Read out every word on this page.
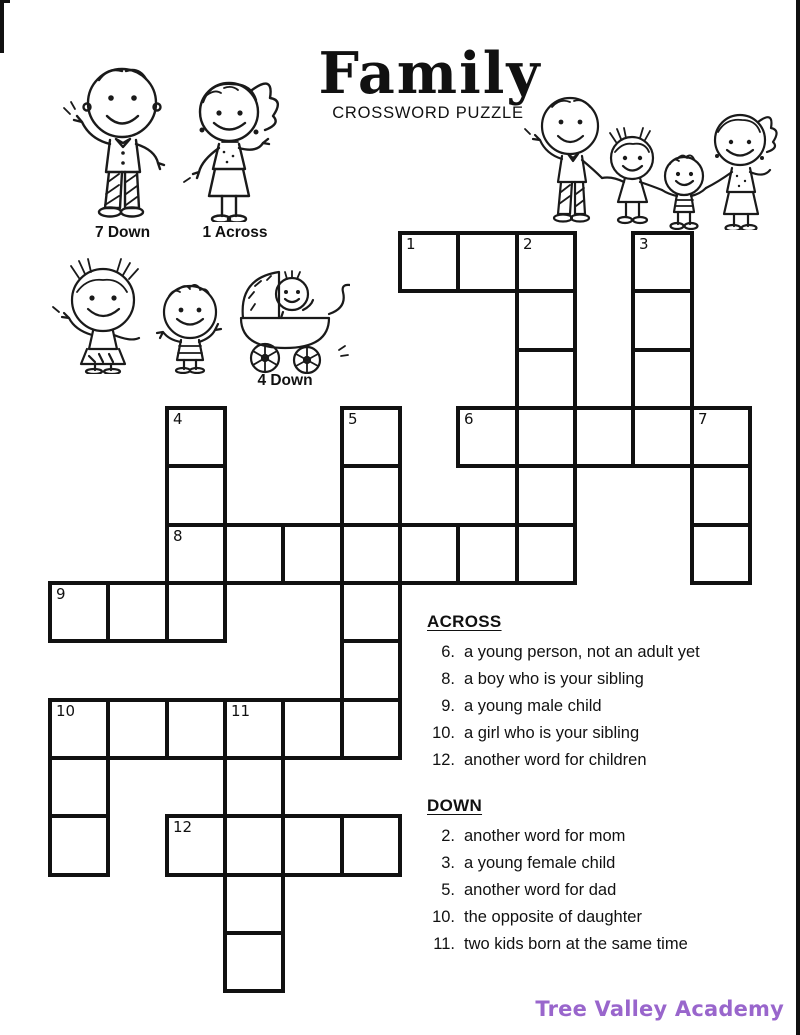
Family
CROSSWORD PUZZLE
7 Down	1 Across
4 Down
1	2	3
4	5	6	7
8
9
10	11
12
ACROSS
6. a young person, not an adult yet
8. a boy who is your sibling
9. a young male child
10. a girl who is your sibling
12. another word for children
DOWN
2. another word for mom
3. a young female child
5. another word for dad
10. the opposite of daughter
11. two kids born at the same time
Tree Valley Academy
